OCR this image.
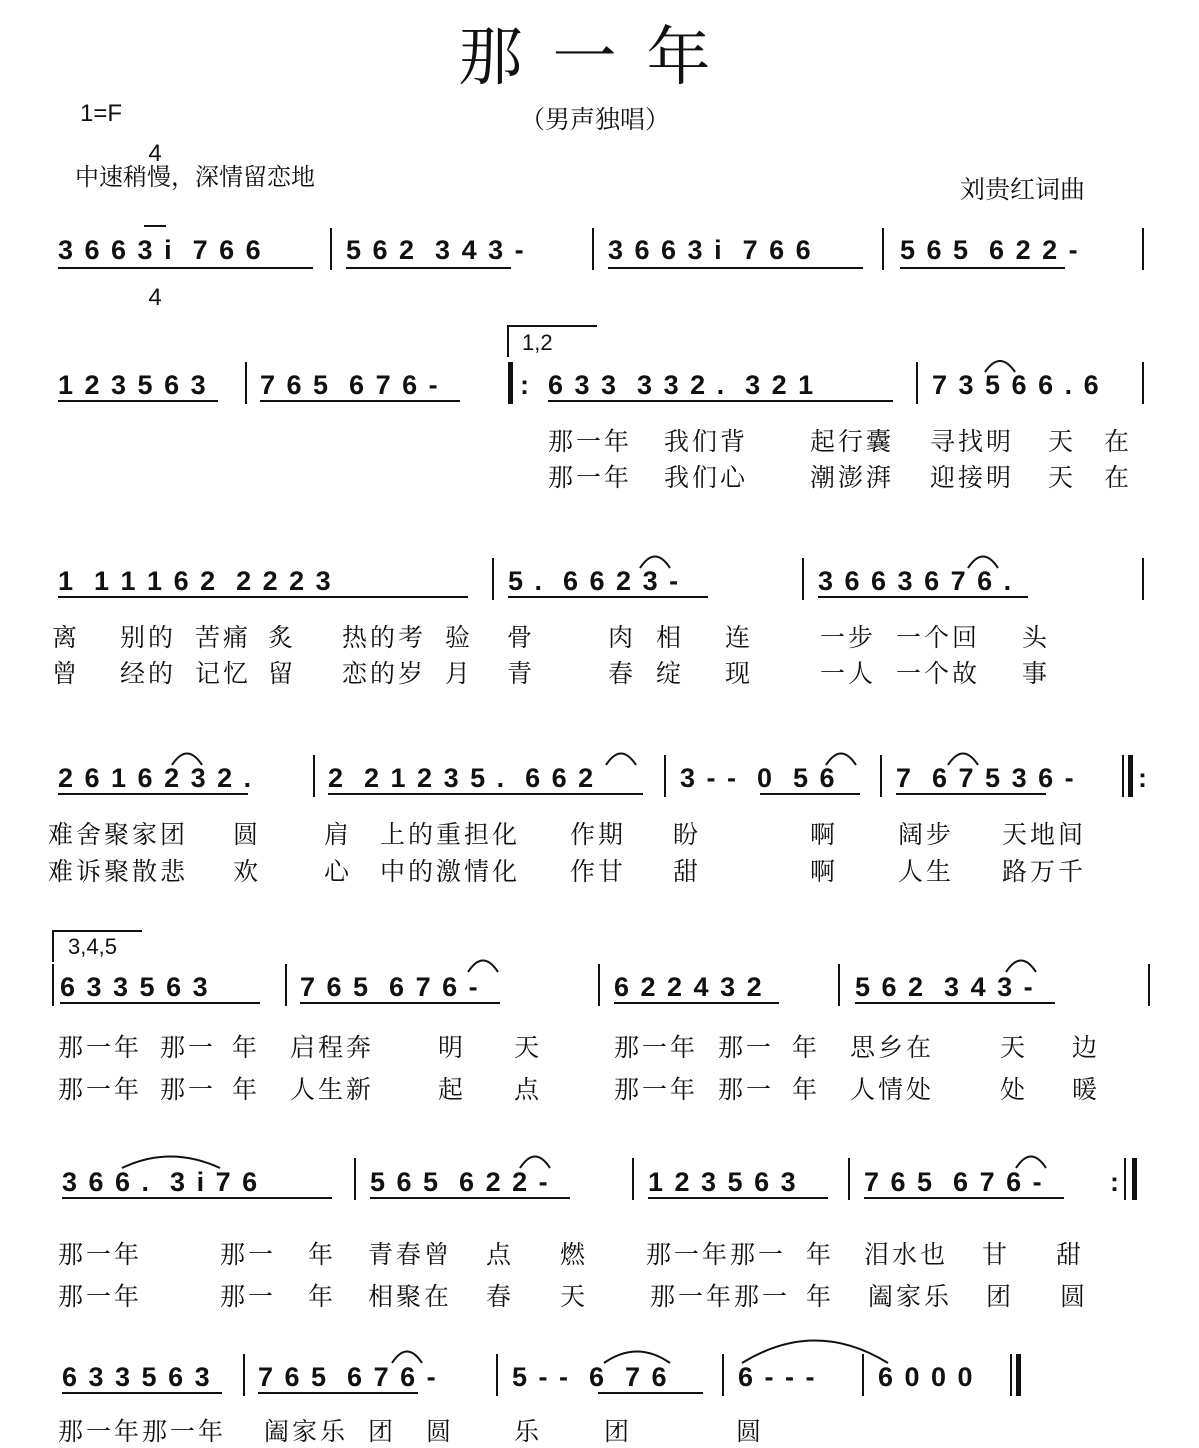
那一年
1=F

4

4

（男声独唱）
中速稍慢，深情留恋地	刘贵红词曲
3 6 6 3 i  7 6 6	5 6 2  3 4 3 -	3 6 6 3 i  7 6 6	5 6 5  6 2 2 -
1,2
1 2 3 5 6 3 7 6 5  6 7 6 -	: 6 3 3  3 3 2 .  3 2 1	7 3 5 6 6 . 6
那一年 我们背 起行囊 寻找明 天 在
那一年 我们心 潮澎湃 迎接明 天 在
1  1 1 1 6 2  2 2 2 3	5 .  6 6 2 3 -	3 6 6 3 6 7 6 .
离 别的 苦痛 炙 热的考 验 骨	肉 相 连	一步 一个回 头
曾 经的 记忆 留 恋的岁 月 青	春 绽 现	一人 一个故 事
2 6 1 6 2 3 2 .	2  2 1 2 3 5 .  6 6 2	3 - -  0  5 6 7  6 7 5 3 6 - :
难舍聚家团 圆	肩 上的重担化 作期 盼	啊 阔步 天地间
难诉聚散悲 欢	心 中的激情化 作甘 甜	啊 人生 路万千
3,4,5
6 3 3 5 6 3	7 6 5  6 7 6 -	6 2 2 4 3 2	5 6 2  3 4 3 -
那一年 那一 年 启程奔	明 天	那一年 那一 年 思乡在	天 边
那一年 那一 年 人生新	起 点	那一年 那一 年 人情处	处 暖
3 6 6 .  3 i 7 6	5 6 5  6 2 2 -	1 2 3 5 6 3 7 6 5  6 7 6 - :
那一年	那一 年 青春曾 点 燃 那一年那一 年 泪水也 甘 甜
那一年	那一 年 相聚在 春 天 那一年那一 年 阖家乐 团 圆
6 3 3 5 6 3 7 6 5  6 7 6 -	5 - -  6  7 6	6 - - - 6 0 0 0
那一年那一年 阖家乐 团 圆 乐 团	圆
